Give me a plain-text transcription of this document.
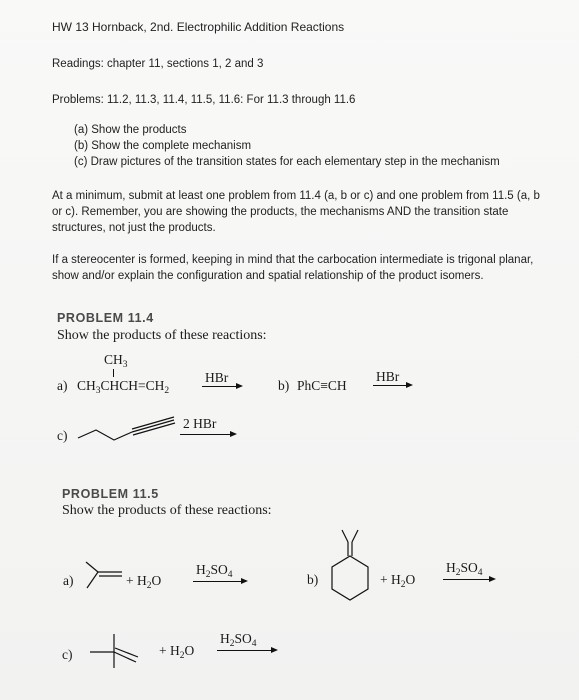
HW 13 Hornback, 2nd. Electrophilic Addition Reactions
Readings: chapter 11, sections 1, 2 and 3
Problems: 11.2, 11.3, 11.4, 11.5, 11.6: For 11.3 through 11.6
(a) Show the products
(b) Show the complete mechanism
(c) Draw pictures of the transition states for each elementary step in the mechanism
At a minimum, submit at least one problem from 11.4 (a, b or c) and one problem from 11.5 (a, b
or c). Remember, you are showing the products, the mechanisms AND the transition state
structures, not just the products.
If a stereocenter is formed, keeping in mind that the carbocation intermediate is trigonal planar,
show and/or explain the configuration and spatial relationship of the product isomers.
PROBLEM 11.4
Show the products of these reactions:
$CH_3$
a) $CH_3CHCH=CH_2$
HBr
b) PhC≡CH
HBr
c)
2 HBr
PROBLEM 11.5
Show the products of these reactions:
a)	+ $H_2O$
$H_2SO_4$	b)	+ $H_2O$
$H_2SO_4$
c)	+ $H_2O$
$H_2SO_4$
